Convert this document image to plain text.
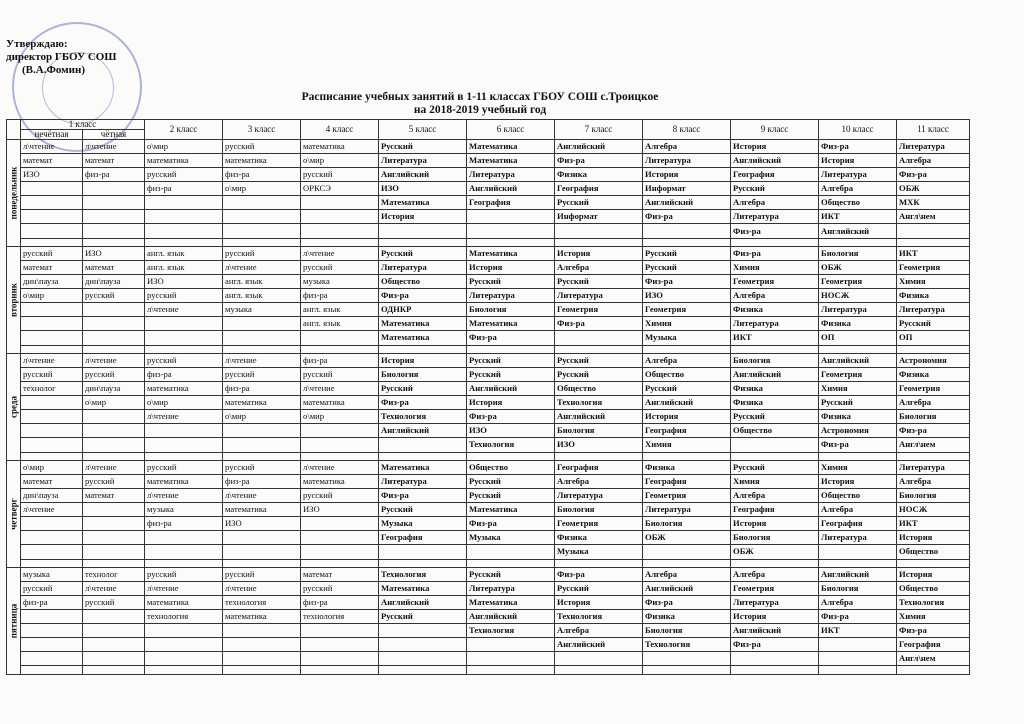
Утверждаю:
директор ГБОУ СОШ
(В.А.Фомин)
Расписание учебных занятий в 1-11 классах ГБОУ СОШ с.Троицкое
на 2018-2019 учебный год
	1 класс		2 класс	3 класс	4 класс	5 класс	6 класс	7 класс	8 класс	9 класс	10 класс	11 класс
	нечётная	чётная										

понедельник	л\чтение	л\чтение	о\мир	русский	математика	Русский	Математика	Английский	Алгебра	История	Физ-ра	Литература
	математ	математ	математика	математика	о\мир	Литература	Математика	Физ-ра	Литература	Английский	История	Алгебра
	ИЗО	физ-ра	русский	физ-ра	русский	Английский	Литература	Физика	История	География	Литература	Физ-ра
			физ-ра	о\мир	ОРКСЭ	ИЗО	Английский	География	Информат	Русский	Алгебра	ОБЖ
						Математика	География	Русский	Английский	Алгебра	Общество	МХК
						История		Информат	Физ-ра	Литература	ИКТ	Англ\нем
										Физ-ра	Английский	

вторник	русский	ИЗО	англ. язык	русский	л\чтение	Русский	Математика	История	Русский	Физ-ра	Биология	ИКТ
	математ	математ	англ. язык	л\чтение	русский	Литература	История	Алгебра	Русский	Химия	ОБЖ	Геометрия
	дин\пауза	дин\пауза	ИЗО	англ. язык	музыка	Общество	Русский	Русский	Физ-ра	Геометрия	Геометрия	Химия
	о\мир	русский	русский	англ. язык	физ-ра	Физ-ра	Литература	Литература	ИЗО	Алгебра	НОСЖ	Физика
			л\чтение	музыка	англ. язык	ОДНКР	Биология	Геометрия	Геометрия	Физика	Литература	Литература
					англ. язык	Математика	Математика	Физ-ра	Химия	Литература	Физика	Русский
						Математика	Физ-ра		Музыка	ИКТ	ОП	ОП

среда	л\чтение	л\чтение	русский	л\чтение	физ-ра	История	Русский	Русский	Алгебра	Биология	Английский	Астрономия
	русский	русский	физ-ра	русский	русский	Биология	Русский	Русский	Общество	Английский	Геометрия	Физика
	технолог	дин\пауза	математика	физ-ра	л\чтение	Русский	Английский	Общество	Русский	Физика	Химия	Геометрия
		о\мир	о\мир	математика	математика	Физ-ра	История	Технология	Английский	Физика	Русский	Алгебра
			л\чтение	о\мир	о\мир	Технология	Физ-ра	Английский	История	Русский	Физика	Биология
						Английский	ИЗО	Биология	География	Общество	Астрономия	Физ-ра
							Технология	ИЗО	Химия		Физ-ра	Англ\нем

четверг	о\мир	л\чтение	русский	русский	л\чтение	Математика	Общество	География	Физика	Русский	Химия	Литература
	математ	русский	математика	физ-ра	математика	Литература	Русский	Алгебра	География	Химия	История	Алгебра
	дин\пауза	математ	л\чтение	л\чтение	русский	Физ-ра	Русский	Литература	Геометрия	Алгебра	Общество	Биология
	л\чтение		музыка	математика	ИЗО	Русский	Математика	Биология	Литература	География	Алгебра	НОСЖ
			физ-ра	ИЗО		Музыка	Физ-ра	Геометрия	Биология	История	География	ИКТ
						География	Музыка	Физика	ОБЖ	Биология	Литература	История
								Музыка		ОБЖ		Общество

пятница	музыка	технолог	русский	русский	математ	Технология	Русский	Физ-ра	Алгебра	Алгебра	Английский	История
	русский	л\чтение	л\чтение	л\чтение	русский	Математика	Литература	Русский	Английский	Геометрия	Биология	Общество
	физ-ра	русский	математика	технология	физ-ра	Английский	Математика	История	Физ-ра	Литература	Алгебра	Технология
			технология	математика	технология	Русский	Английский	Технология	Физика	История	Физ-ра	Химия
							Технология	Алгебра	Биология	Английский	ИКТ	Физ-ра
								Английский	Технология	Физ-ра		География
												Англ\нем
